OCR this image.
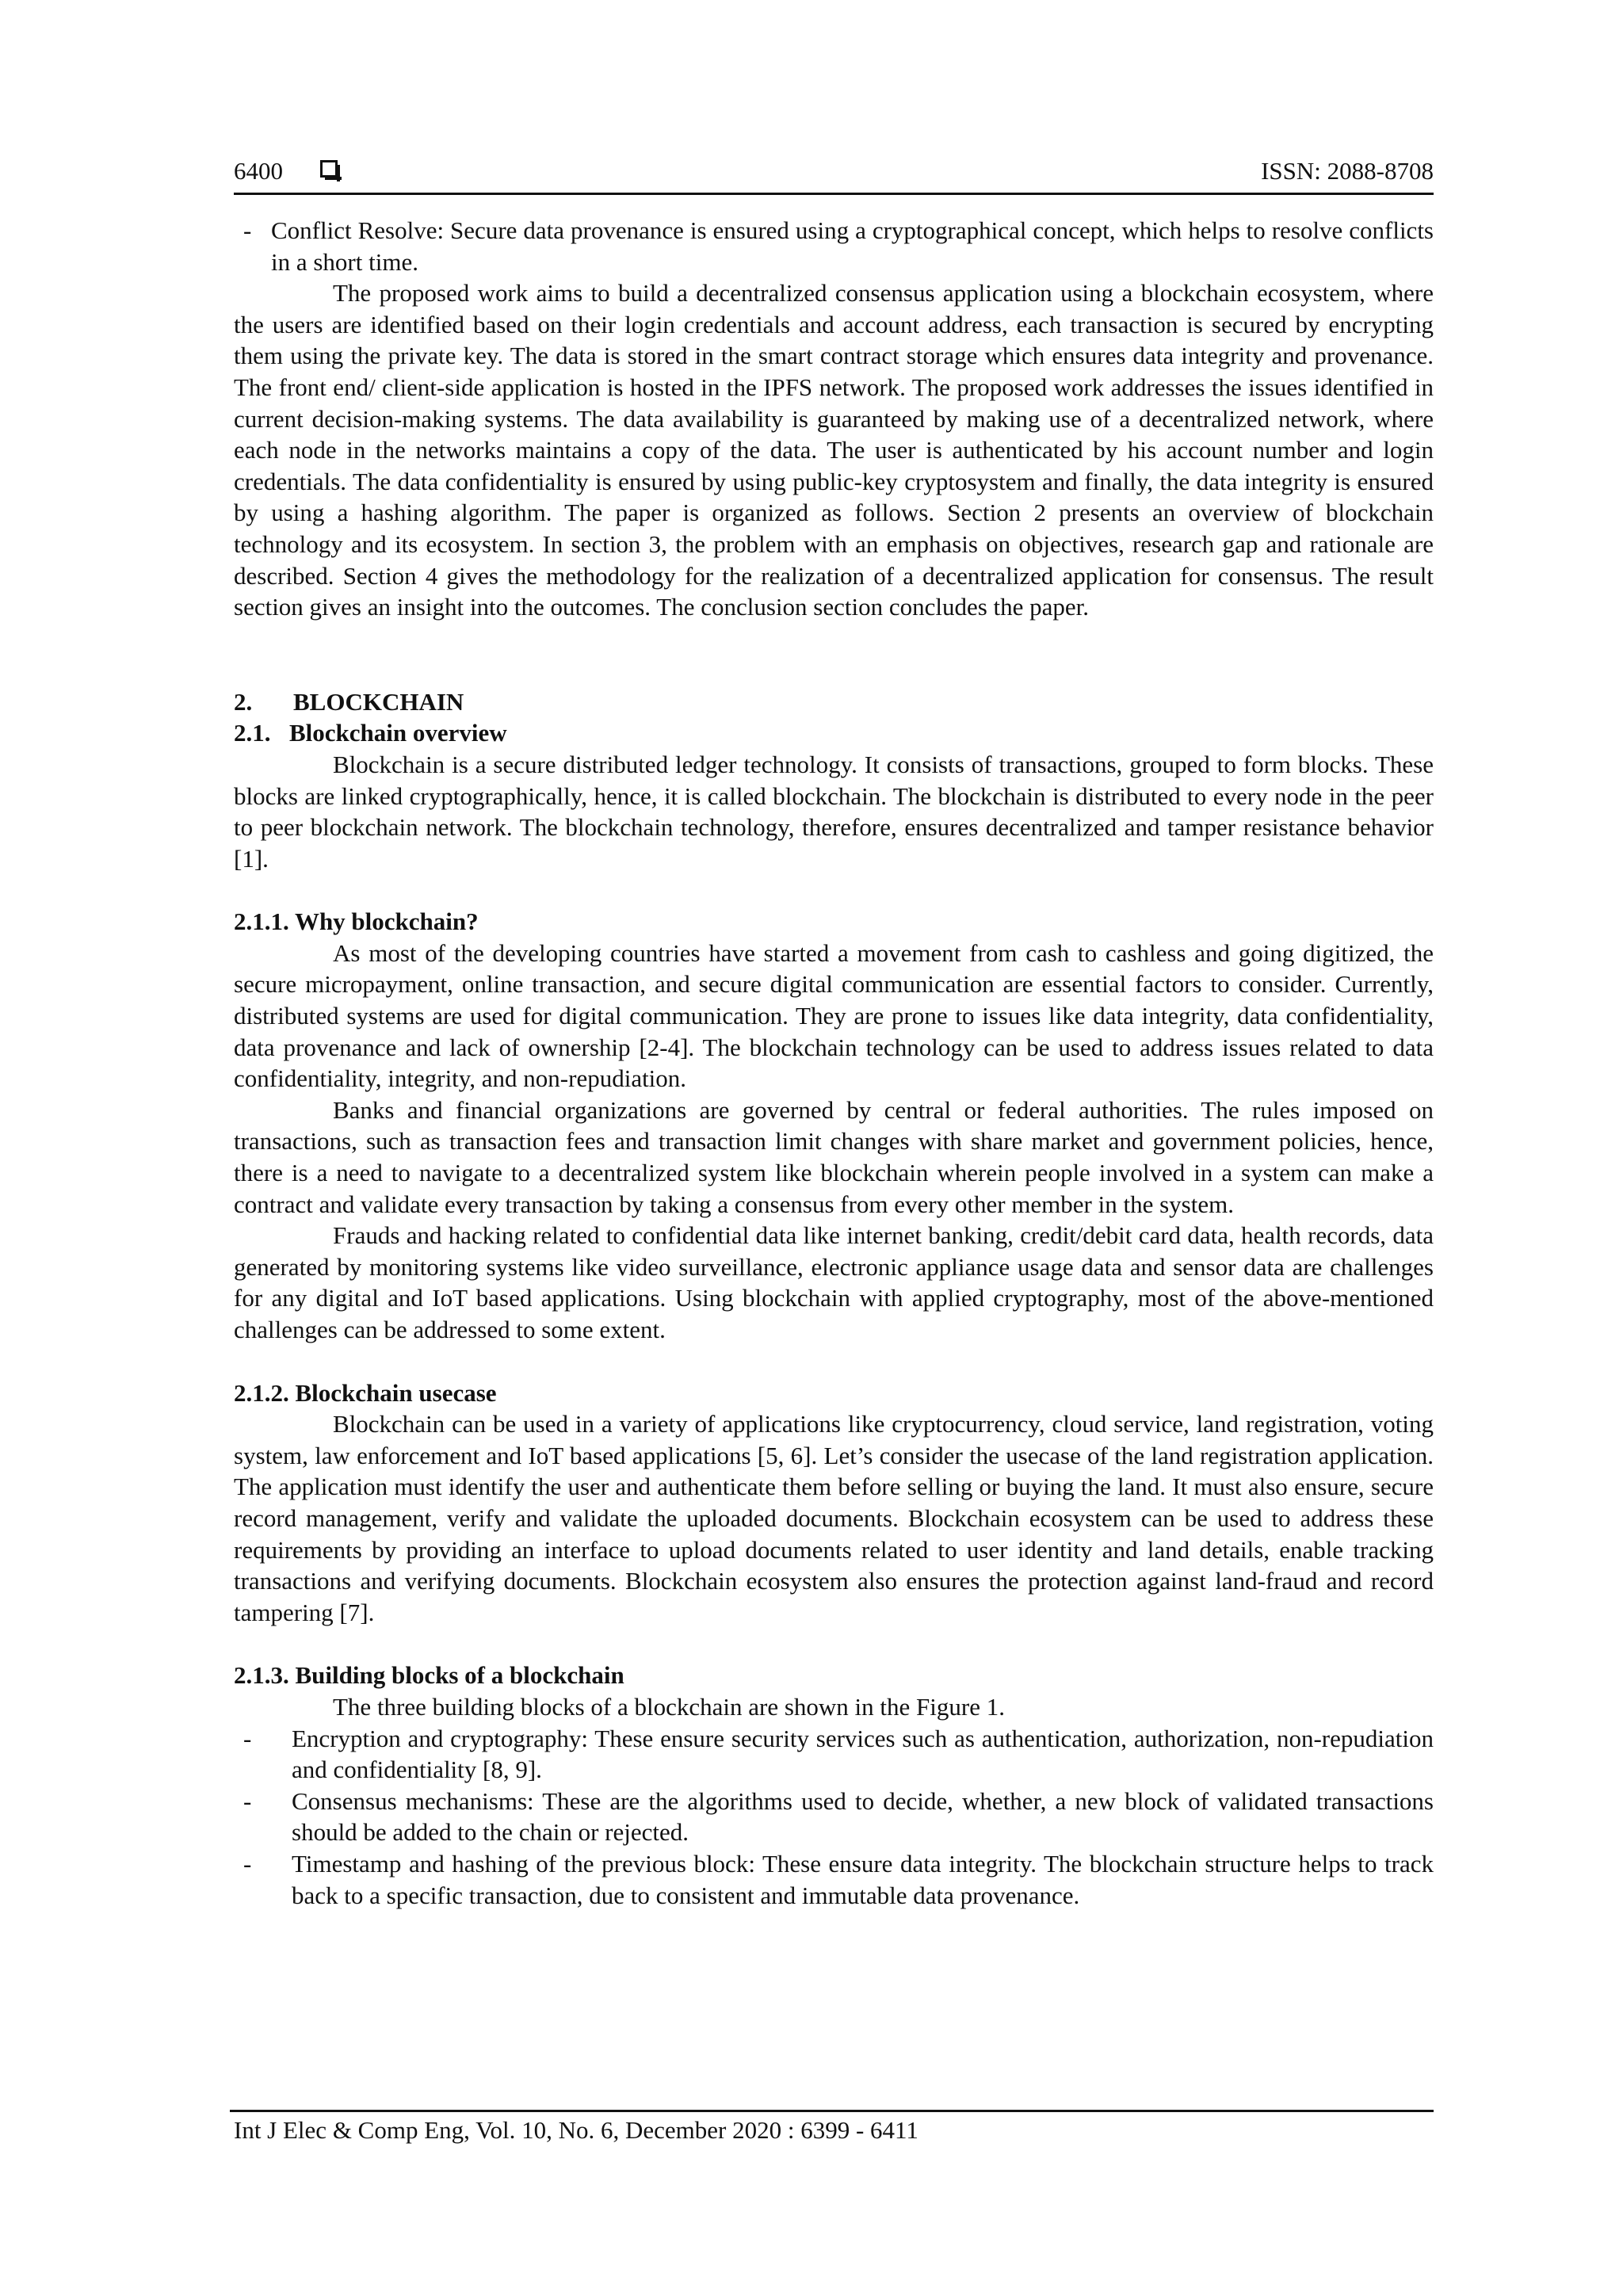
6400	ISSN: 2088-8708
- Conflict Resolve: Secure data provenance is ensured using a cryptographical concept, which helps to resolve conflicts in a short time.

The proposed work aims to build a decentralized consensus application using a blockchain ecosystem, where the users are identified based on their login credentials and account address, each transaction is secured by encrypting them using the private key. The data is stored in the smart contract storage which ensures data integrity and provenance. The front end/ client-side application is hosted in the IPFS network. The proposed work addresses the issues identified in current decision-making systems. The data availability is guaranteed by making use of a decentralized network, where each node in the networks maintains a copy of the data. The user is authenticated by his account number and login credentials. The data confidentiality is ensured by using public-key cryptosystem and finally, the data integrity is ensured by using a hashing algorithm. The paper is organized as follows. Section 2 presents an overview of blockchain technology and its ecosystem. In section 3, the problem with an emphasis on objectives, research gap and rationale are described. Section 4 gives the methodology for the realization of a decentralized application for consensus. The result section gives an insight into the outcomes. The conclusion section concludes the paper.

2. BLOCKCHAIN
2.1. Blockchain overview

Blockchain is a secure distributed ledger technology. It consists of transactions, grouped to form blocks. These blocks are linked cryptographically, hence, it is called blockchain. The blockchain is distributed to every node in the peer to peer blockchain network. The blockchain technology, therefore, ensures decentralized and tamper resistance behavior [1].

2.1.1. Why blockchain?

As most of the developing countries have started a movement from cash to cashless and going digitized, the secure micropayment, online transaction, and secure digital communication are essential factors to consider. Currently, distributed systems are used for digital communication. They are prone to issues like data integrity, data confidentiality, data provenance and lack of ownership [2-4]. The blockchain technology can be used to address issues related to data confidentiality, integrity, and non-repudiation.

Banks and financial organizations are governed by central or federal authorities. The rules imposed on transactions, such as transaction fees and transaction limit changes with share market and government policies, hence, there is a need to navigate to a decentralized system like blockchain wherein people involved in a system can make a contract and validate every transaction by taking a consensus from every other member in the system.

Frauds and hacking related to confidential data like internet banking, credit/debit card data, health records, data generated by monitoring systems like video surveillance, electronic appliance usage data and sensor data are challenges for any digital and IoT based applications. Using blockchain with applied cryptography, most of the above-mentioned challenges can be addressed to some extent.

2.1.2. Blockchain usecase

Blockchain can be used in a variety of applications like cryptocurrency, cloud service, land registration, voting system, law enforcement and IoT based applications [5, 6]. Let’s consider the usecase of the land registration application. The application must identify the user and authenticate them before selling or buying the land. It must also ensure, secure record management, verify and validate the uploaded documents. Blockchain ecosystem can be used to address these requirements by providing an interface to upload documents related to user identity and land details, enable tracking transactions and verifying documents. Blockchain ecosystem also ensures the protection against land-fraud and record tampering [7].

2.1.3. Building blocks of a blockchain

The three building blocks of a blockchain are shown in the Figure 1.

- Encryption and cryptography: These ensure security services such as authentication, authorization, non-repudiation and confidentiality [8, 9].
- Consensus mechanisms: These are the algorithms used to decide, whether, a new block of validated transactions should be added to the chain or rejected.
- Timestamp and hashing of the previous block: These ensure data integrity. The blockchain structure helps to track back to a specific transaction, due to consistent and immutable data provenance.
Int J Elec & Comp Eng, Vol. 10, No. 6, December 2020 : 6399 - 6411
